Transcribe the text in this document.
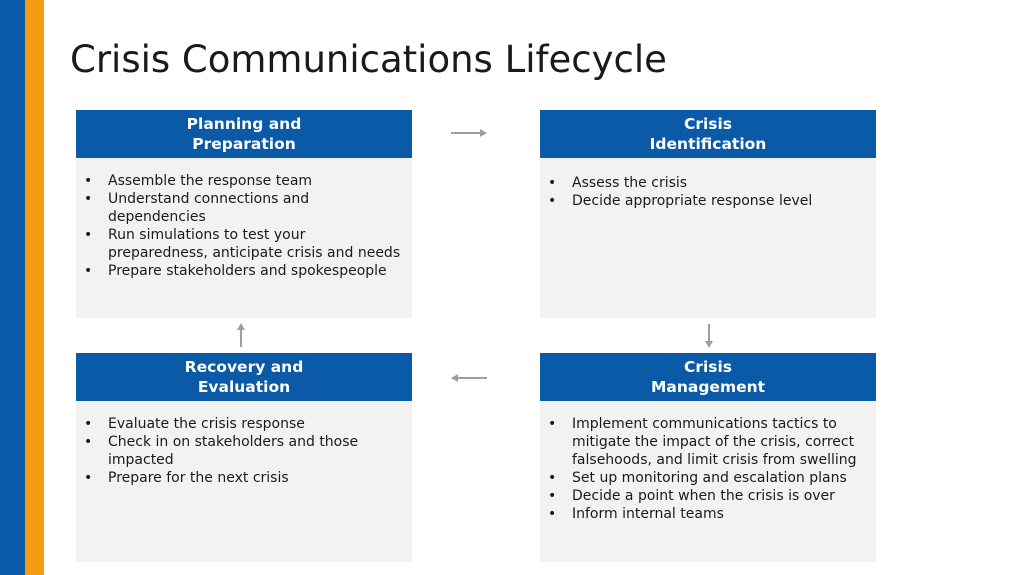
Crisis Communications Lifecycle
Planning and
Preparation
• Assemble the response team
• Understand connections and dependencies
• Run simulations to test your preparedness, anticipate crisis and needs
• Prepare stakeholders and spokespeople
Crisis
Identification
• Assess the crisis
• Decide appropriate response level
Recovery and
Evaluation
• Evaluate the crisis response
• Check in on stakeholders and those impacted
• Prepare for the next crisis
Crisis
Management
• Implement communications tactics to mitigate the impact of the crisis, correct falsehoods, and limit crisis from swelling
• Set up monitoring and escalation plans
• Decide a point when the crisis is over
• Inform internal teams
